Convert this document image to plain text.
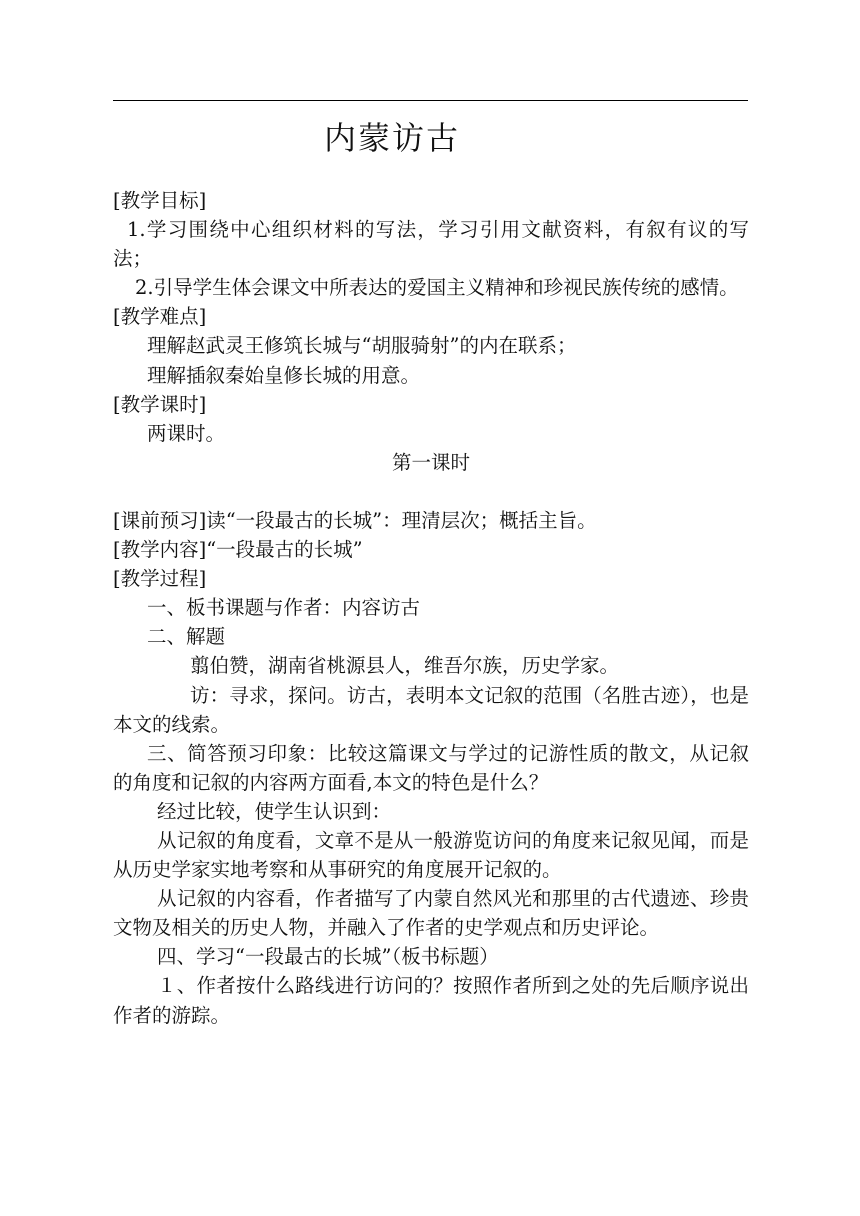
内蒙访古

[教学目标]

1.学习围绕中心组织材料的写法，学习引用文献资料，有叙有议的写法；

2.引导学生体会课文中所表达的爱国主义精神和珍视民族传统的感情。

[教学难点]

理解赵武灵王修筑长城与“胡服骑射”的内在联系；

理解插叙秦始皇修长城的用意。

[教学课时]

两课时。

第一课时

[课前预习]读“一段最古的长城”：理清层次；概括主旨。

[教学内容]“一段最古的长城”

[教学过程]

一、板书课题与作者：内容访古

二、解题

翦伯赞，湖南省桃源县人，维吾尔族，历史学家。

访：寻求，探问。访古，表明本文记叙的范围（名胜古迹），也是本文的线索。

三、简答预习印象：比较这篇课文与学过的记游性质的散文，从记叙的角度和记叙的内容两方面看,本文的特色是什么？

经过比较，使学生认识到：

从记叙的角度看，文章不是从一般游览访问的角度来记叙见闻，而是从历史学家实地考察和从事研究的角度展开记叙的。

从记叙的内容看，作者描写了内蒙自然风光和那里的古代遗迹、珍贵文物及相关的历史人物，并融入了作者的史学观点和历史评论。

四、学习“一段最古的长城”（板书标题）

１、作者按什么路线进行访问的？按照作者所到之处的先后顺序说出作者的游踪。
